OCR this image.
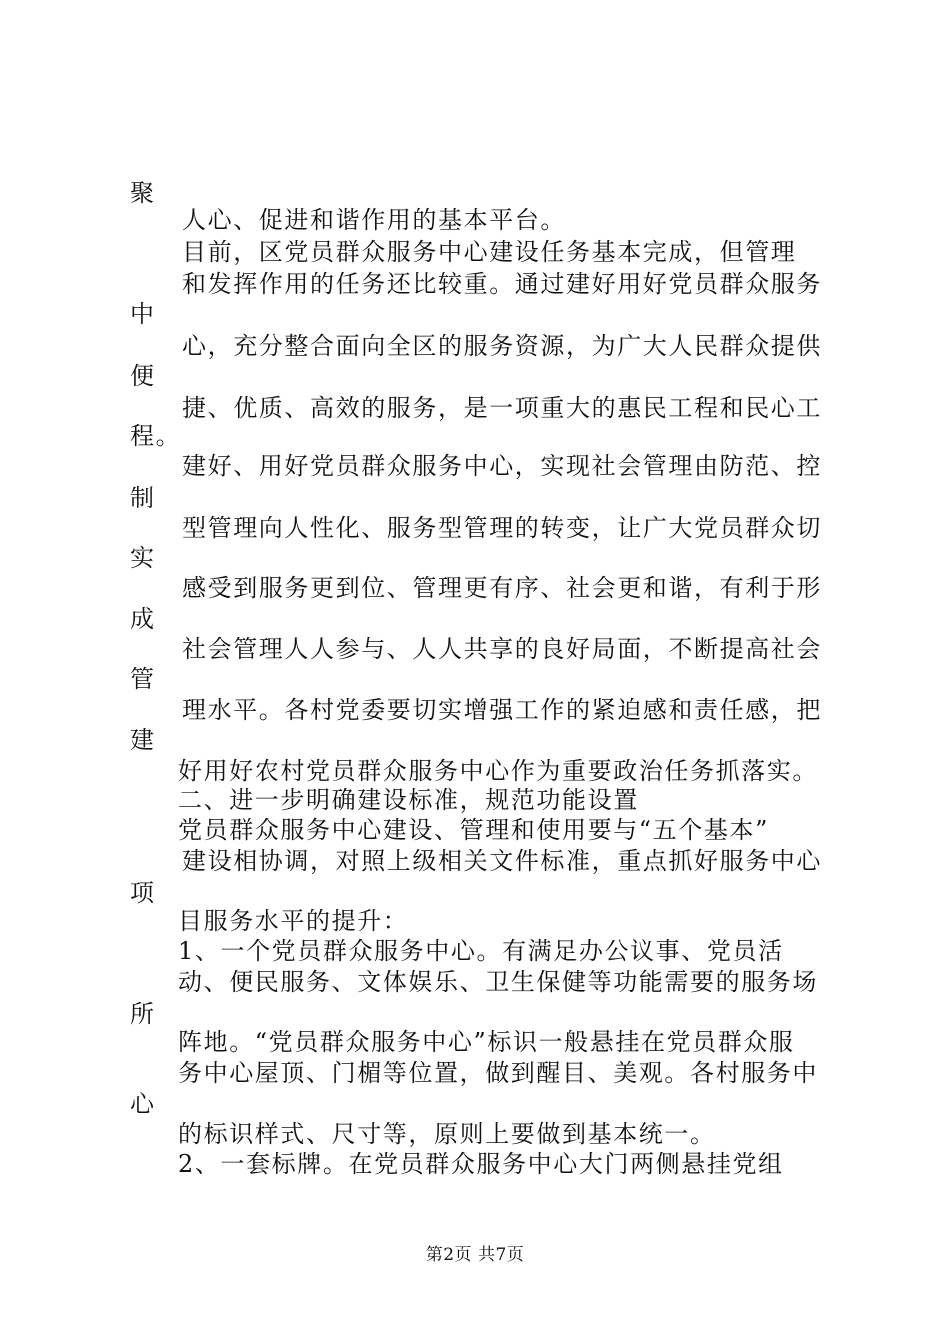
聚
人心、促进和谐作用的基本平台。
目前，区党员群众服务中心建设任务基本完成，但管理
和发挥作用的任务还比较重。通过建好用好党员群众服务
中
心，充分整合面向全区的服务资源，为广大人民群众提供
便
捷、优质、高效的服务，是一项重大的惠民工程和民心工
程。
建好、用好党员群众服务中心，实现社会管理由防范、控
制
型管理向人性化、服务型管理的转变，让广大党员群众切
实
感受到服务更到位、管理更有序、社会更和谐，有利于形
成
社会管理人人参与、人人共享的良好局面，不断提高社会
管
理水平。各村党委要切实增强工作的紧迫感和责任感，把
建
好用好农村党员群众服务中心作为重要政治任务抓落实。
二、进一步明确建设标准，规范功能设置
党员群众服务中心建设、管理和使用要与“五个基本”
建设相协调，对照上级相关文件标准，重点抓好服务中心
项
目服务水平的提升：
1、一个党员群众服务中心。有满足办公议事、党员活
动、便民服务、文体娱乐、卫生保健等功能需要的服务场
所
阵地。“党员群众服务中心”标识一般悬挂在党员群众服
务中心屋顶、门楣等位置，做到醒目、美观。各村服务中
心
的标识样式、尺寸等，原则上要做到基本统一。
2、一套标牌。在党员群众服务中心大门两侧悬挂党组
第2页 共7页
